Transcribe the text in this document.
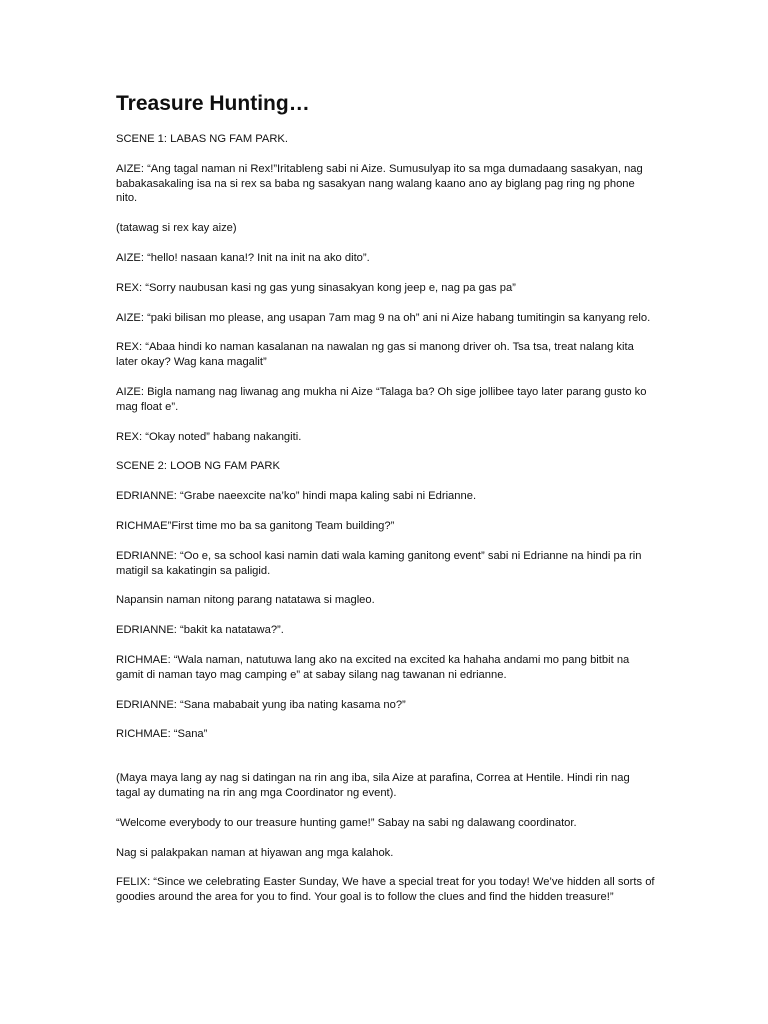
Treasure Hunting…

SCENE 1: LABAS NG FAM PARK.

AIZE: “Ang tagal naman ni Rex!”Iritableng sabi ni Aize. Sumusulyap ito sa mga dumadaang sasakyan, nag babakasakaling isa na si rex sa baba ng sasakyan nang walang kaano ano ay biglang pag ring ng phone nito.

(tatawag si rex kay aize)

AIZE: “hello! nasaan kana!? Init na init na ako dito”.

REX: “Sorry naubusan kasi ng gas yung sinasakyan kong jeep e, nag pa gas pa”

AIZE: “paki bilisan mo please, ang usapan 7am mag 9 na oh” ani ni Aize habang tumitingin sa kanyang relo.

REX: “Abaa hindi ko naman kasalanan na nawalan ng gas si manong driver oh. Tsa tsa, treat nalang kita later okay? Wag kana magalit”

AIZE: Bigla namang nag liwanag ang mukha ni Aize “Talaga ba? Oh sige jollibee tayo later parang gusto ko mag float e”.

REX: “Okay noted” habang nakangiti.

SCENE 2: LOOB NG FAM PARK

EDRIANNE: “Grabe naeexcite na’ko” hindi mapa kaling sabi ni Edrianne.

RICHMAE”First time mo ba sa ganitong Team building?”

EDRIANNE: “Oo e, sa school kasi namin dati wala kaming ganitong event” sabi ni Edrianne na hindi pa rin matigil sa kakatingin sa paligid.

Napansin naman nitong parang natatawa si magleo.

EDRIANNE: “bakit ka natatawa?”.

RICHMAE: “Wala naman, natutuwa lang ako na excited na excited ka hahaha andami mo pang bitbit na gamit di naman tayo mag camping e” at sabay silang nag tawanan ni edrianne.

EDRIANNE: “Sana mababait yung iba nating kasama no?”

RICHMAE: “Sana”

(Maya maya lang ay nag si datingan na rin ang iba, sila Aize at parafina, Correa at Hentile. Hindi rin nag tagal ay dumating na rin ang mga Coordinator ng event).

“Welcome everybody to our treasure hunting game!” Sabay na sabi ng dalawang coordinator.

Nag si palakpakan naman at hiyawan ang mga kalahok.

FELIX: “Since we celebrating Easter Sunday, We have a special treat for you today! We’ve hidden all sorts of goodies around the area for you to find. Your goal is to follow the clues and find the hidden treasure!”
